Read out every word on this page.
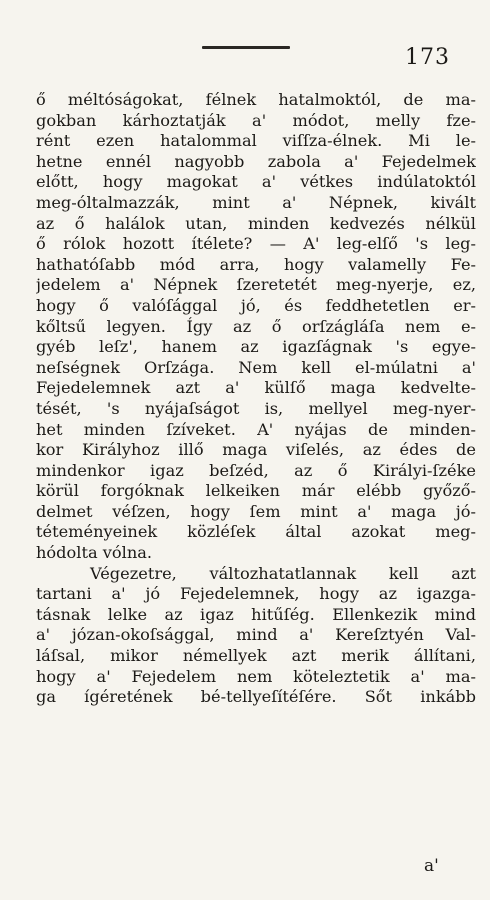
173
ő méltóságokat, félnek hatalmoktól, de ma-
gokban kárhoztatják a' módot, melly fze-
rént ezen hatalommal viſſza-élnek. Mi le-
hetne ennél nagyobb zabola a' Fejedelmek
előtt, hogy magokat a' vétkes indúlatoktól
meg-óltalmazzák, mint a' Népnek, kivált
az ő halálok utan, minden kedvezés nélkül
ő rólok hozott ítélete? — A' leg-elſő 's leg-
hathatóſabb mód arra, hogy valamelly Fe-
jedelem a' Népnek ſzeretetét meg-nyerje, ez,
hogy ő valóſággal jó, és feddhetetlen er-
kőltsű legyen. Így az ő orſzágláſa nem e-
gyéb leſz', hanem az igazſágnak 's egye-
neſségnek Orſzága. Nem kell el-múlatni a'
Fejedelemnek azt a' külſő maga kedvelte-
tését, 's nyájaſságot is, mellyel meg-nyer-
het minden ſzíveket. A' nyájas de minden-
kor Királyhoz illő maga viſelés, az édes de
mindenkor igaz beſzéd, az ő Királyi-ſzéke
körül forgóknak lelkeiken már elébb győző-
delmet véſzen, hogy ſem mint a' maga jó-
téteményeinek közléſek által azokat meg-
hódolta vólna.
Végezetre, változhatatlannak kell azt
tartani a' jó Fejedelemnek, hogy az igazga-
tásnak lelke az igaz hitűſég. Ellenkezik mind
a' józan-okoſsággal, mind a' Kereſztyén Val-
láſsal, mikor némellyek azt merik állítani,
hogy a' Fejedelem nem köteleztetik a' ma-
ga ígéretének bé-tellyeſítéſére. Sőt inkább
a'
